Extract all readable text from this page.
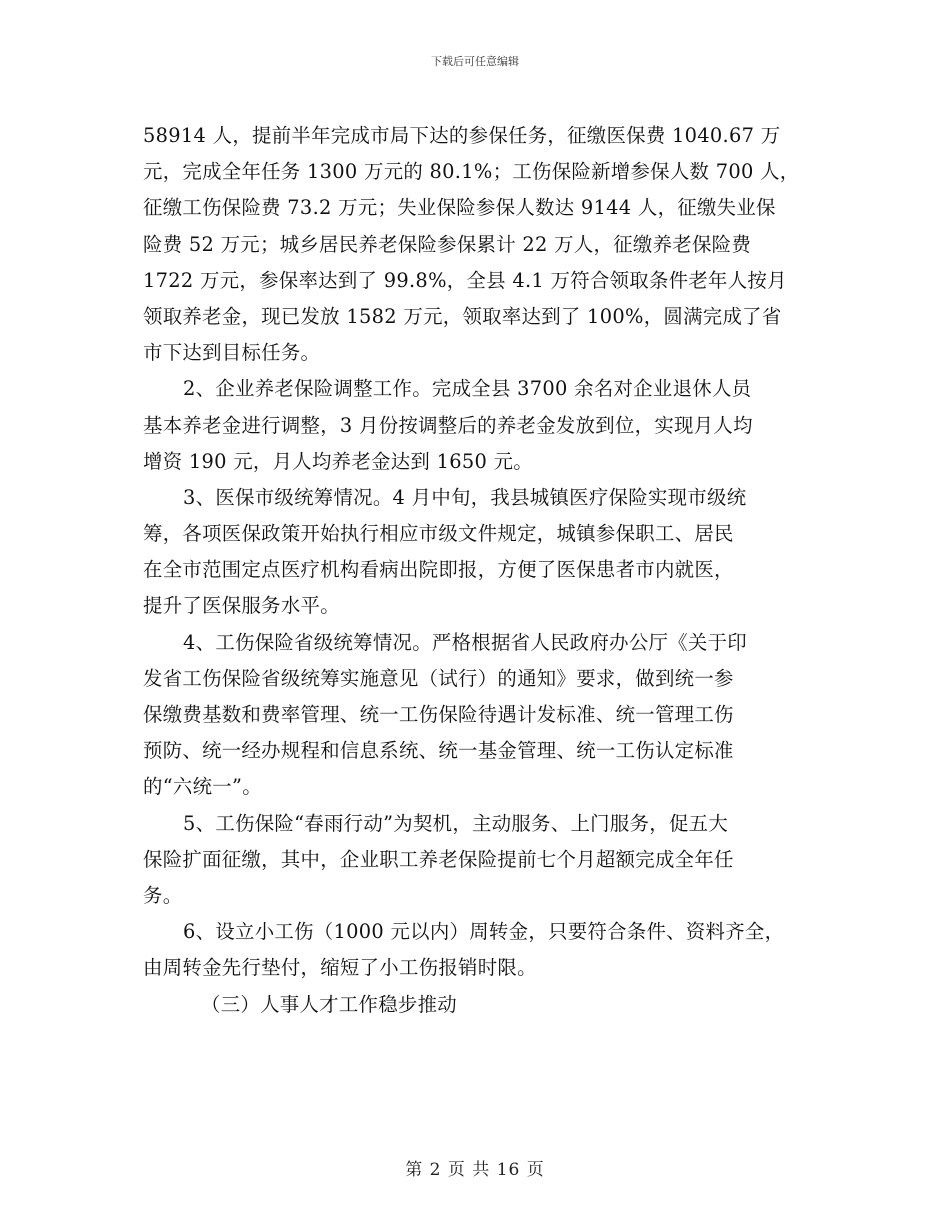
下载后可任意编辑
58914 人，提前半年完成市局下达的参保任务，征缴医保费 1040.67 万
元，完成全年任务 1300 万元的 80.1%；工伤保险新增参保人数 700 人，
征缴工伤保险费 73.2 万元；失业保险参保人数达 9144 人，征缴失业保
险费 52 万元；城乡居民养老保险参保累计 22 万人，征缴养老保险费
1722 万元，参保率达到了 99.8%，全县 4.1 万符合领取条件老年人按月
领取养老金，现已发放 1582 万元，领取率达到了 100%，圆满完成了省
市下达到目标任务。
2、企业养老保险调整工作。完成全县 3700 余名对企业退休人员
基本养老金进行调整，3 月份按调整后的养老金发放到位，实现月人均
增资 190 元，月人均养老金达到 1650 元。
3、医保市级统筹情况。4 月中旬，我县城镇医疗保险实现市级统
筹，各项医保政策开始执行相应市级文件规定，城镇参保职工、居民
在全市范围定点医疗机构看病出院即报，方便了医保患者市内就医，
提升了医保服务水平。
4、工伤保险省级统筹情况。严格根据省人民政府办公厅《关于印
发省工伤保险省级统筹实施意见（试行）的通知》要求，做到统一参
保缴费基数和费率管理、统一工伤保险待遇计发标准、统一管理工伤
预防、统一经办规程和信息系统、统一基金管理、统一工伤认定标准
的“六统一”。
5、工伤保险“春雨行动”为契机，主动服务、上门服务，促五大
保险扩面征缴，其中，企业职工养老保险提前七个月超额完成全年任
务。
6、设立小工伤（1000 元以内）周转金，只要符合条件、资料齐全，
由周转金先行垫付，缩短了小工伤报销时限。
（三）人事人才工作稳步推动
第 2 页 共 16 页
